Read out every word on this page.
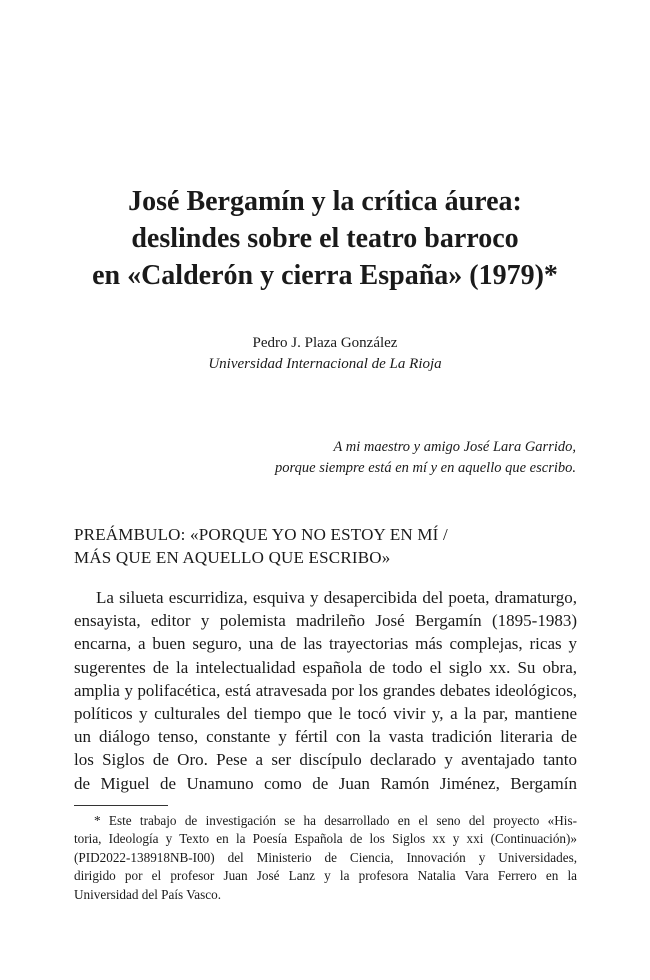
José Bergamín y la crítica áurea:
deslindes sobre el teatro barroco
en «Calderón y cierra España» (1979)*
Pedro J. Plaza González
Universidad Internacional de La Rioja
A mi maestro y amigo José Lara Garrido,
porque siempre está en mí y en aquello que escribo.
PREÁMBULO: «PORQUE YO NO ESTOY EN MÍ /
MÁS QUE EN AQUELLO QUE ESCRIBO»
La silueta escurridiza, esquiva y desapercibida del poeta, dramaturgo,
ensayista, editor y polemista madrileño José Bergamín (1895-1983)
encarna, a buen seguro, una de las trayectorias más complejas, ricas y
sugerentes de la intelectualidad española de todo el siglo xx. Su obra,
amplia y polifacética, está atravesada por los grandes debates ideológicos,
políticos y culturales del tiempo que le tocó vivir y, a la par, mantiene
un diálogo tenso, constante y fértil con la vasta tradición literaria de
los Siglos de Oro. Pese a ser discípulo declarado y aventajado tanto
de Miguel de Unamuno como de Juan Ramón Jiménez, Bergamín
* Este trabajo de investigación se ha desarrollado en el seno del proyecto «His-
toria, Ideología y Texto en la Poesía Española de los Siglos xx y xxi (Continuación)»
(PID2022-138918NB-I00) del Ministerio de Ciencia, Innovación y Universidades,
dirigido por el profesor Juan José Lanz y la profesora Natalia Vara Ferrero en la
Universidad del País Vasco.
